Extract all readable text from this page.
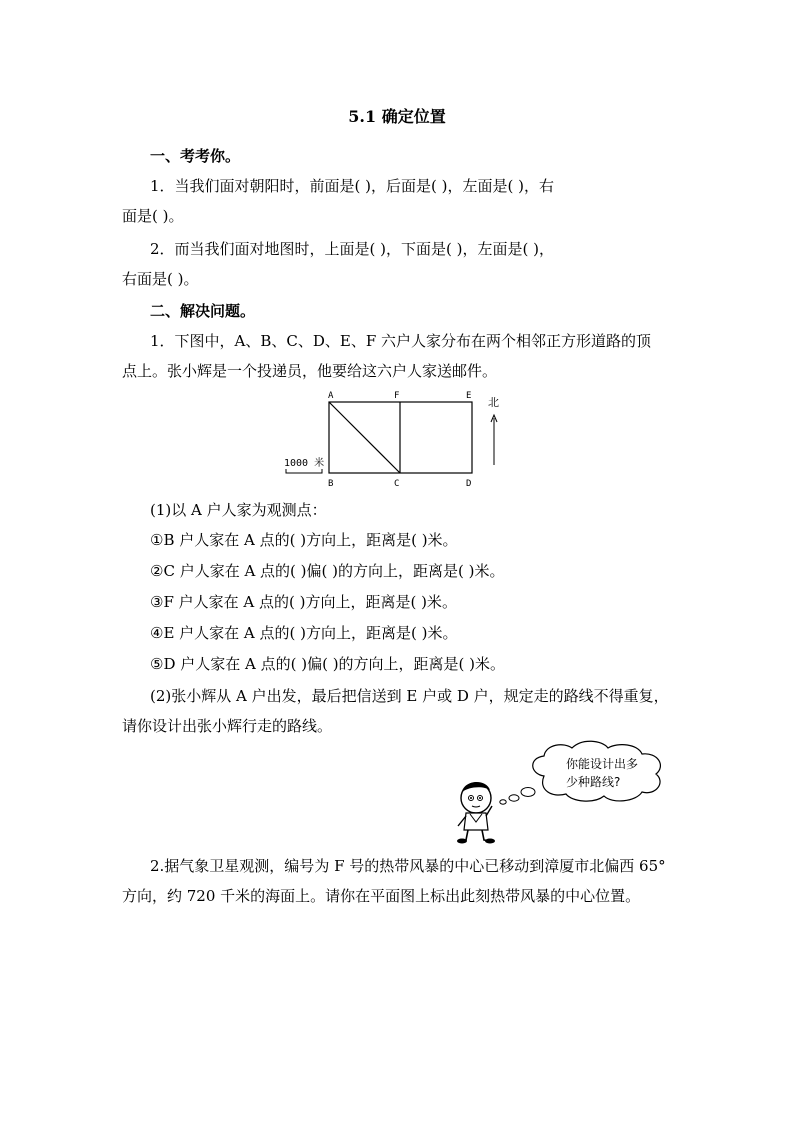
5.1 确定位置
一、考考你。
1．当我们面对朝阳时，前面是( )，后面是( )，左面是( )，右
面是( )。
2．而当我们面对地图时，上面是( )，下面是( )，左面是( )，
右面是( )。
二、解决问题。
1．下图中，A、B、C、D、E、F 六户人家分布在两个相邻正方形道路的顶
点上。张小辉是一个投递员，他要给这六户人家送邮件。
A	F	E
B	C	D
北
1000 米
(1)以 A 户人家为观测点：
①B 户人家在 A 点的( )方向上，距离是( )米。
②C 户人家在 A 点的( )偏( )的方向上，距离是( )米。
③F 户人家在 A 点的( )方向上，距离是( )米。
④E 户人家在 A 点的( )方向上，距离是( )米。
⑤D 户人家在 A 点的( )偏( )的方向上，距离是( )米。
(2)张小辉从 A 户出发，最后把信送到 E 户或 D 户，规定走的路线不得重复，
请你设计出张小辉行走的路线。
你能设计出多
少种路线?
2.据气象卫星观测，编号为 F 号的热带风暴的中心已移动到漳厦市北偏西 65°
方向，约 720 千米的海面上。请你在平面图上标出此刻热带风暴的中心位置。
